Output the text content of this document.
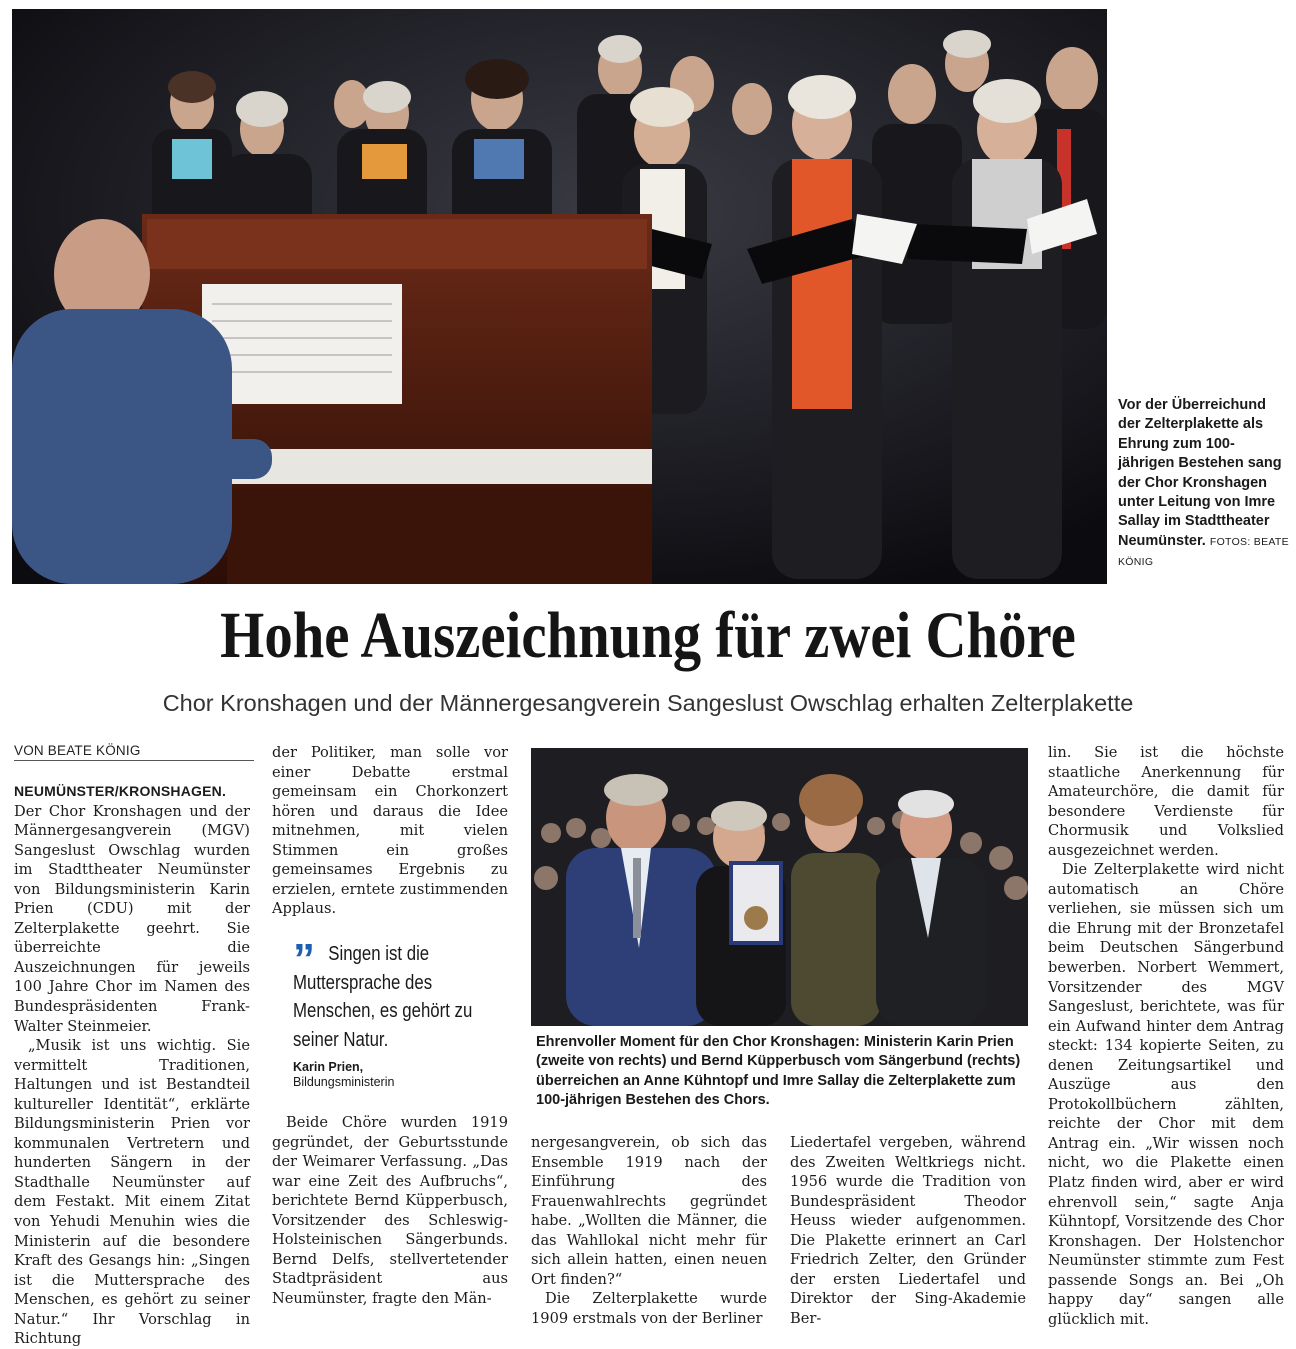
Vor der Überreichund der Zelterplakette als Ehrung zum 100-jährigen Bestehen sang der Chor Kronshagen unter Leitung von Imre Sallay im Stadttheater Neumünster. FOTOS: BEATE KÖNIG
Hohe Auszeichnung für zwei Chöre
Chor Kronshagen und der Männergesangverein Sangeslust Owschlag erhalten Zelterplakette
VON BEATE KÖNIG

NEUMÜNSTER/KRONSHAGEN. Der Chor Kronshagen und der Männergesangverein (MGV) Sangeslust Owschlag wurden im Stadttheater Neumünster von Bildungsministerin Karin Prien (CDU) mit der Zelterplakette geehrt. Sie überreichte die Auszeichnungen für jeweils 100 Jahre Chor im Namen des Bundespräsidenten Frank-Walter Steinmeier.

„Musik ist uns wichtig. Sie vermittelt Traditionen, Haltungen und ist Bestandteil kultureller Identität“, erklärte Bildungsministerin Prien vor kommunalen Vertretern und hunderten Sängern in der Stadthalle Neumünster auf dem Festakt. Mit einem Zitat von Yehudi Menuhin wies die Ministerin auf die besondere Kraft des Gesangs hin: „Singen ist die Muttersprache des Menschen, es gehört zu seiner Natur.“ Ihr Vorschlag in Richtung

der Politiker, man solle vor einer Debatte erstmal gemeinsam ein Chorkonzert hören und daraus die Idee mitnehmen, mit vielen Stimmen ein großes gemeinsames Ergebnis zu erzielen, erntete zustimmenden Applaus.

” Singen ist die Muttersprache des Menschen, es gehört zu seiner Natur.
Karin Prien,
Bildungsministerin

Beide Chöre wurden 1919 gegründet, der Geburtsstunde der Weimarer Verfassung. „Das war eine Zeit des Aufbruchs“, berichtete Bernd Küpperbusch, Vorsitzender des Schleswig-Holsteinischen Sängerbunds. Bernd Delfs, stellvertetender Stadtpräsident aus Neumünster, fragte den Män-

Ehrenvoller Moment für den Chor Kronshagen: Ministerin Karin Prien (zweite von rechts) und Bernd Küpperbusch vom Sängerbund (rechts) überreichen an Anne Kühntopf und Imre Sallay die Zelterplakette zum 100-jährigen Bestehen des Chors.

nergesangverein, ob sich das Ensemble 1919 nach der Einführung des Frauenwahlrechts gegründet habe. „Wollten die Männer, die das Wahllokal nicht mehr für sich allein hatten, einen neuen Ort finden?“

Die Zelterplakette wurde 1909 erstmals von der Berliner

Liedertafel vergeben, während des Zweiten Weltkriegs nicht. 1956 wurde die Tradition von Bundespräsident Theodor Heuss wieder aufgenommen. Die Plakette erinnert an Carl Friedrich Zelter, den Gründer der ersten Liedertafel und Direktor der Sing-Akademie Ber-

lin. Sie ist die höchste staatliche Anerkennung für Amateurchöre, die damit für besondere Verdienste für Chormusik und Volkslied ausgezeichnet werden.

Die Zelterplakette wird nicht automatisch an Chöre verliehen, sie müssen sich um die Ehrung mit der Bronzetafel beim Deutschen Sängerbund bewerben. Norbert Wemmert, Vorsitzender des MGV Sangeslust, berichtete, was für ein Aufwand hinter dem Antrag steckt: 134 kopierte Seiten, zu denen Zeitungsartikel und Auszüge aus den Protokollbüchern zählten, reichte der Chor mit dem Antrag ein. „Wir wissen noch nicht, wo die Plakette einen Platz finden wird, aber er wird ehrenvoll sein,“ sagte Anja Kühntopf, Vorsitzende des Chor Kronshagen. Der Holstenchor Neumünster stimmte zum Fest passende Songs an. Bei „Oh happy day“ sangen alle glücklich mit.
